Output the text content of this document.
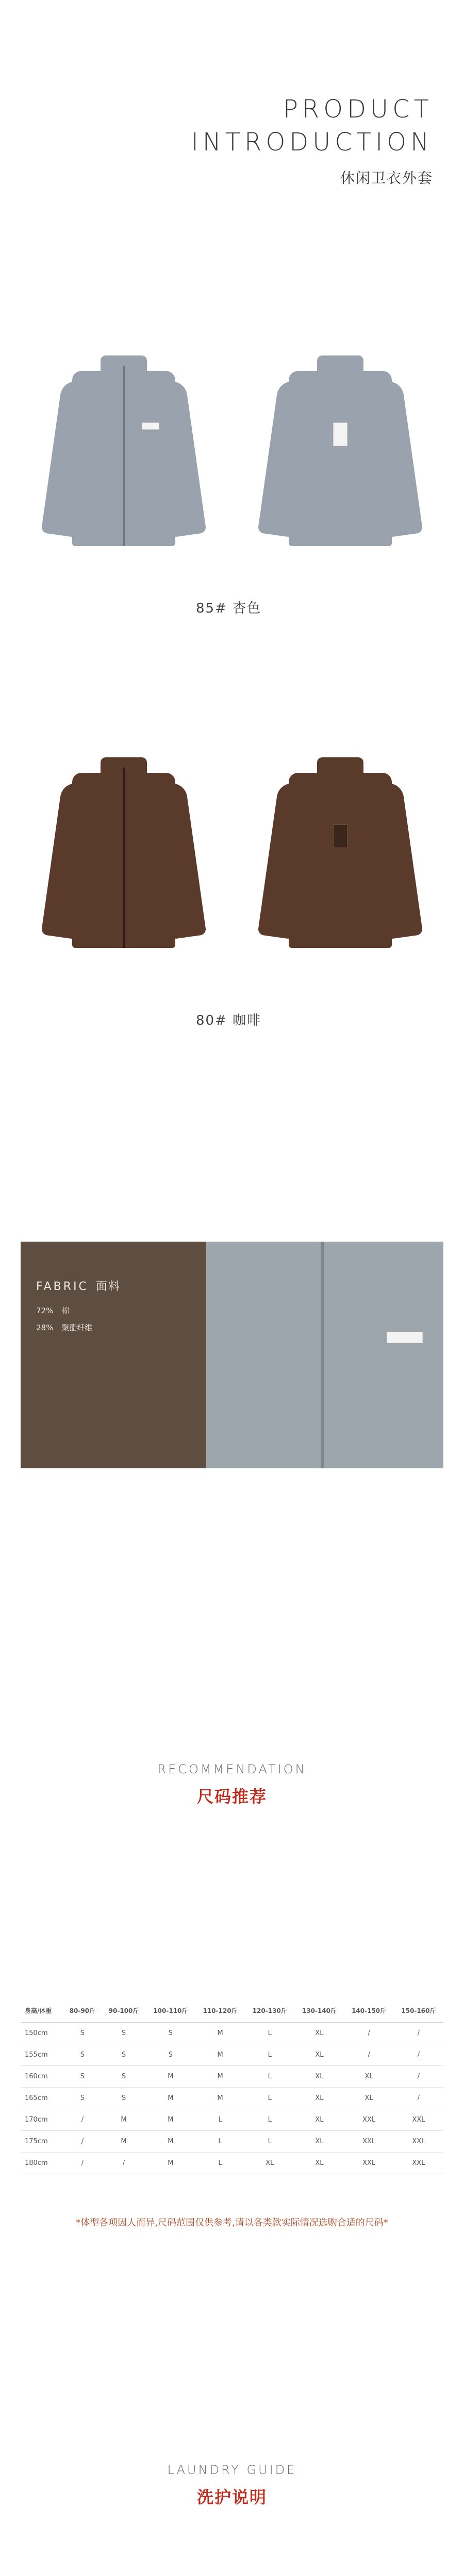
PRODUCT
INTRODUCTION
休闲卫衣外套
85# 杏色
80# 咖啡
FABRIC 面料
72% 棉
28% 聚酯纤维
RECOMMENDATION
尺码推荐
身高/体重	80-90斤	90-100斤	100-110斤	110-120斤	120-130斤	130-140斤	140-150斤	150-160斤
150cm	S	S	S	M	L	XL	/	/
155cm	S	S	S	M	L	XL	/	/
160cm	S	S	M	M	L	XL	XL	/
165cm	S	S	M	M	L	XL	XL	/
170cm	/	M	M	L	L	XL	XXL	XXL
175cm	/	M	M	L	L	XL	XXL	XXL
180cm	/	/	M	L	XL	XL	XXL	XXL
*体型各项因人而异,尺码范围仅供参考,请以各类款实际情况选购合适的尺码*
LAUNDRY GUIDE
洗护说明
